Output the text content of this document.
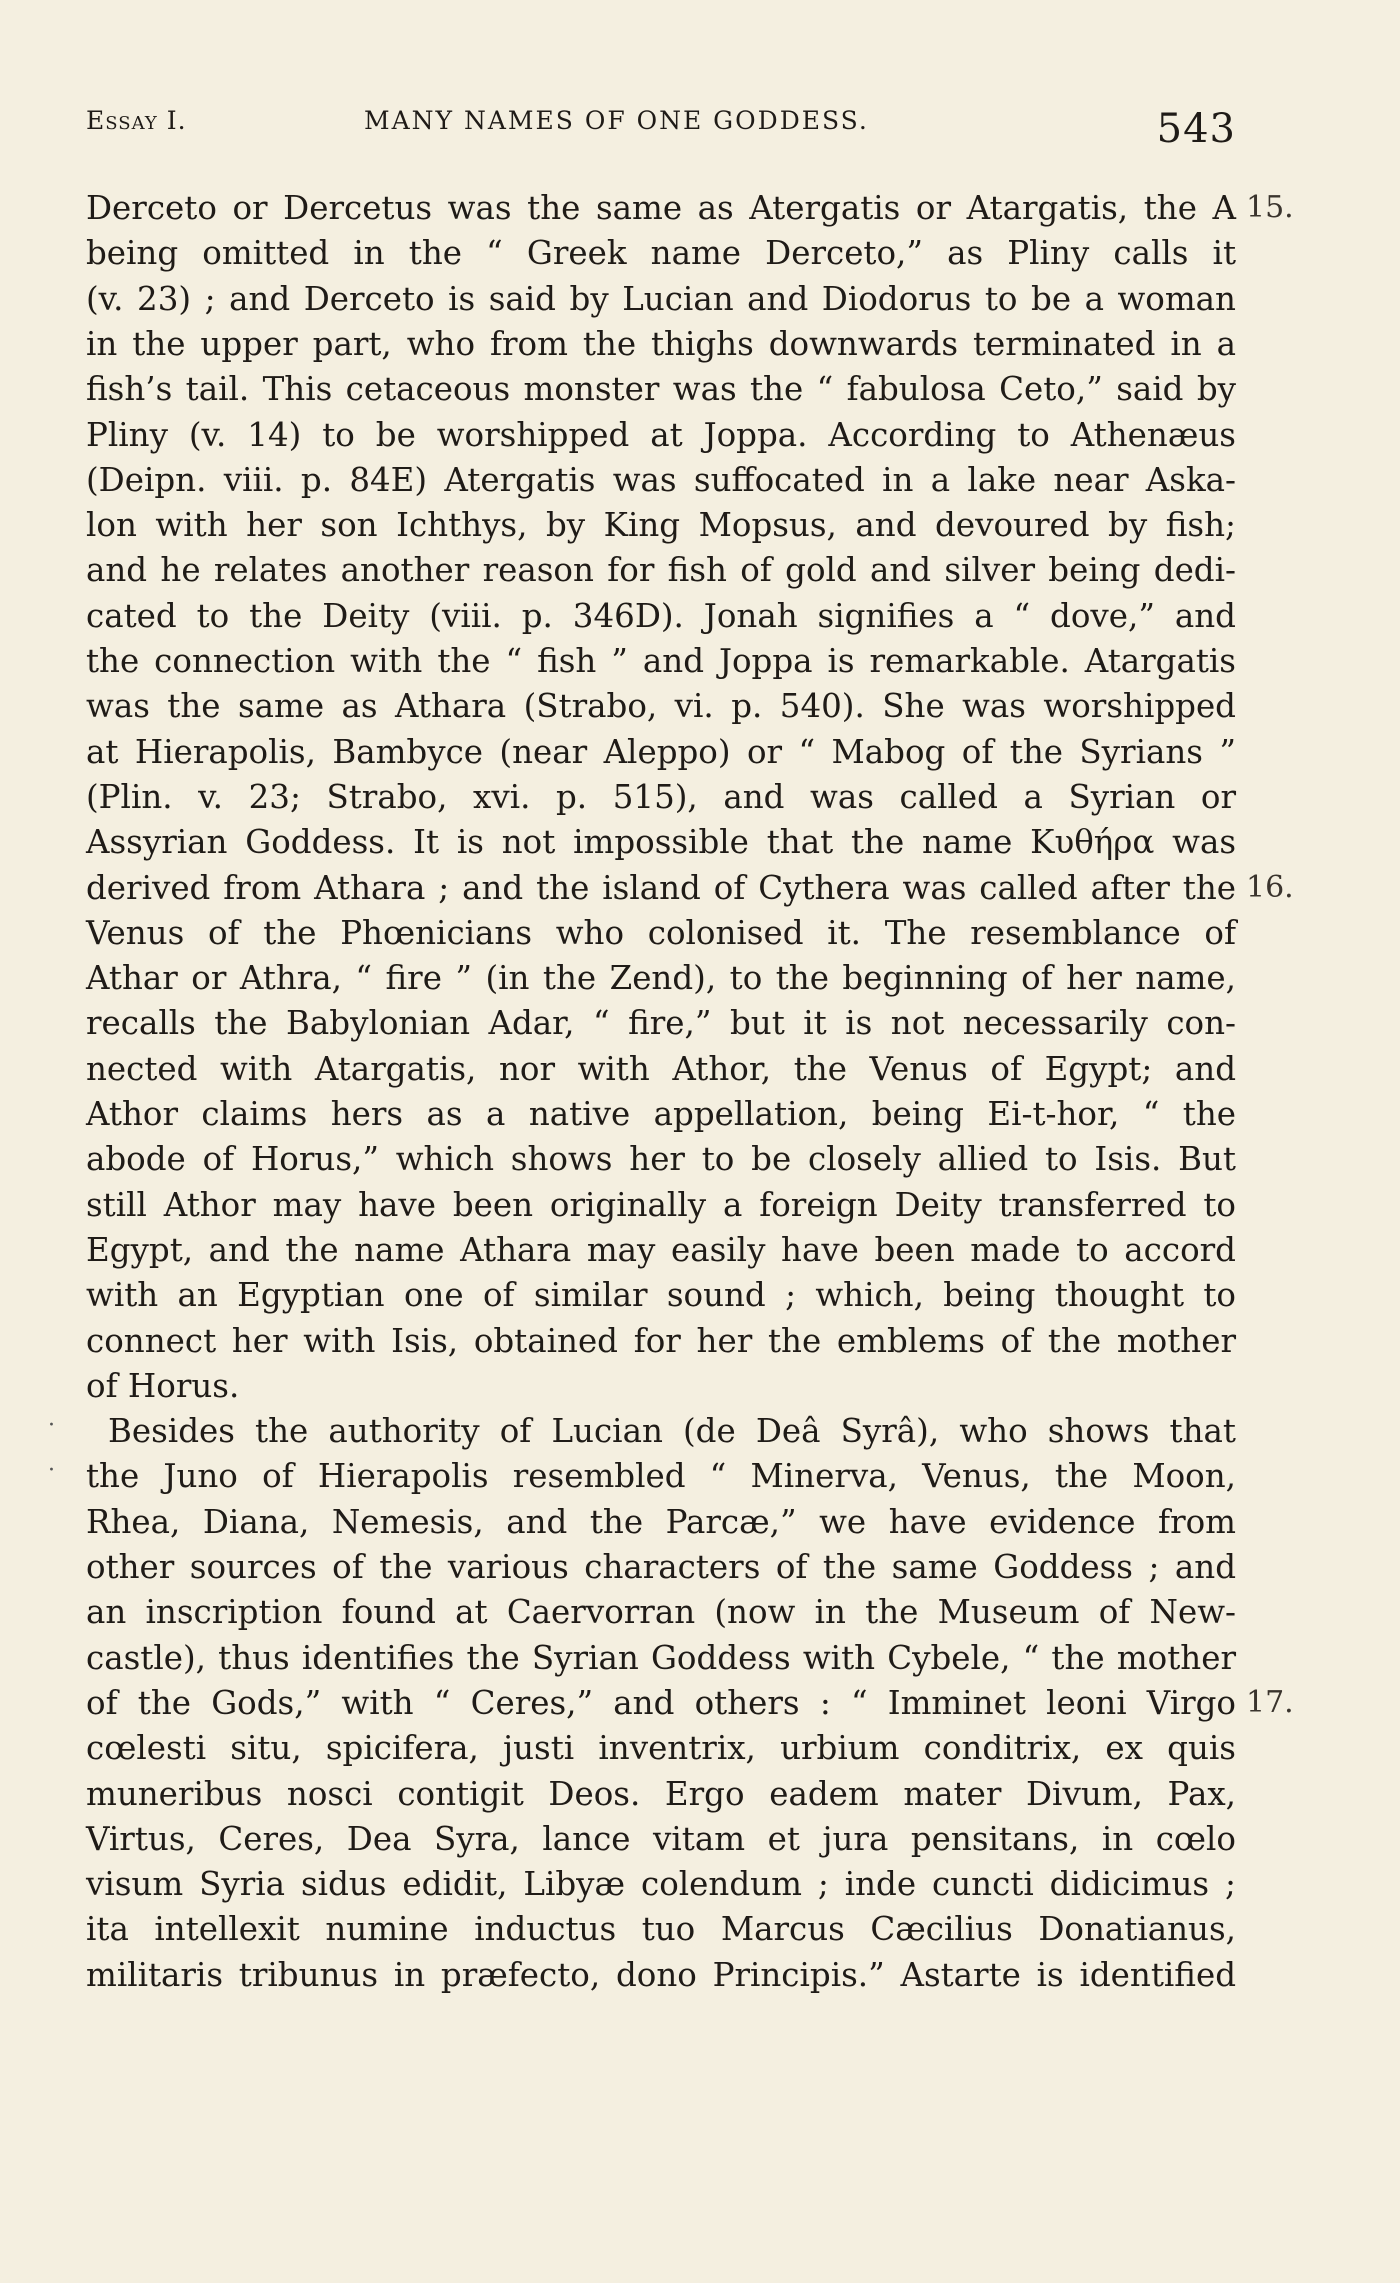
Essay I.	MANY NAMES OF ONE GODDESS.	543
Derceto or Dercetus was the same as Atergatis or Atargatis, the A
being omitted in the “ Greek name Derceto,” as Pliny calls it
(v. 23) ; and Derceto is said by Lucian and Diodorus to be a woman
in the upper part, who from the thighs downwards terminated in a
fish’s tail. This cetaceous monster was the “ fabulosa Ceto,” said by
Pliny (v. 14) to be worshipped at Joppa. According to Athenæus
(Deipn. viii. p. 84E) Atergatis was suffocated in a lake near Aska-
lon with her son Ichthys, by King Mopsus, and devoured by fish;
and he relates another reason for fish of gold and silver being dedi-
cated to the Deity (viii. p. 346D). Jonah signifies a “ dove,” and
the connection with the “ fish ” and Joppa is remarkable. Atargatis
was the same as Athara (Strabo, vi. p. 540). She was worshipped
at Hierapolis, Bambyce (near Aleppo) or “ Mabog of the Syrians ”
(Plin. v. 23; Strabo, xvi. p. 515), and was called a Syrian or
Assyrian Goddess. It is not impossible that the name Κυθήρα was
derived from Athara ; and the island of Cythera was called after the
Venus of the Phœnicians who colonised it. The resemblance of
Athar or Athra, “ fire ” (in the Zend), to the beginning of her name,
recalls the Babylonian Adar, “ fire,” but it is not necessarily con-
nected with Atargatis, nor with Athor, the Venus of Egypt; and
Athor claims hers as a native appellation, being Ei-t-hor, “ the
abode of Horus,” which shows her to be closely allied to Isis. But
still Athor may have been originally a foreign Deity transferred to
Egypt, and the name Athara may easily have been made to accord
with an Egyptian one of similar sound ; which, being thought to
connect her with Isis, obtained for her the emblems of the mother
of Horus.
Besides the authority of Lucian (de Deâ Syrâ), who shows that
the Juno of Hierapolis resembled “ Minerva, Venus, the Moon,
Rhea, Diana, Nemesis, and the Parcæ,” we have evidence from
other sources of the various characters of the same Goddess ; and
an inscription found at Caervorran (now in the Museum of New-
castle), thus identifies the Syrian Goddess with Cybele, “ the mother
of the Gods,” with “ Ceres,” and others : “ Imminet leoni Virgo
cœlesti situ, spicifera, justi inventrix, urbium conditrix, ex quis
muneribus nosci contigit Deos. Ergo eadem mater Divum, Pax,
Virtus, Ceres, Dea Syra, lance vitam et jura pensitans, in cœlo
visum Syria sidus edidit, Libyæ colendum ; inde cuncti didicimus ;
ita intellexit numine inductus tuo Marcus Cæcilius Donatianus,
militaris tribunus in præfecto, dono Principis.” Astarte is identified
15.
16.
17.
·
·
